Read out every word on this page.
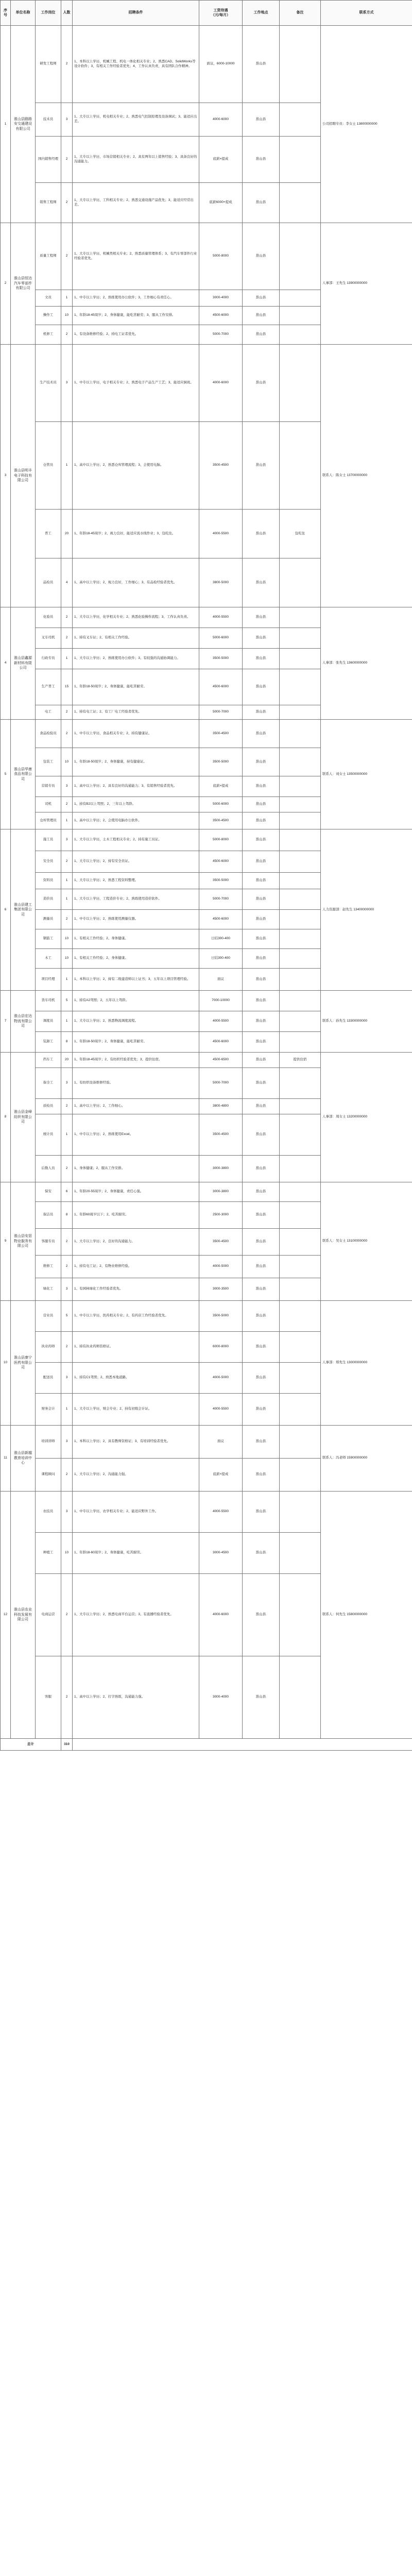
序号	单位名称	工作岗位	人数	招聘条件	工资待遇
（元/每月）	工作地点	备注	联系方式
1	淮山县路路安交通建设有限公司	研发工程师	2	1、本科以上学历，机械工程、机电一体化相关专业；2、熟悉CAD、SolidWorks等设计软件；3、有相关工作经验者优先；4、工作认真负责，具有团队合作精神。	面议，6000-10000	淮山县		公司招聘专员：李女士 13800000000
		技术员	3	1、大专以上学历，机电相关专业；2、熟悉电气控制原理及设备调试；3、能适应出差。	4000-6000	淮山县		
		国内销售经理	2	1、大专以上学历，市场营销相关专业；2、具有两年以上销售经验；3、具备良好的沟通能力。	底薪+提成	淮山县		
		销售工程师	2	1、大专以上学历，工科相关专业；2、熟悉交通设施产品优先；3、能适应经常出差。	底薪6000+提成	淮山县		
2	淮山县恒达汽车零部件有限公司	质量工程师	2	1、大专以上学历，机械类相关专业；2、熟悉质量管理体系；3、有汽车零部件行业经验者优先。	5000-8000	淮山县		人事部：王先生 13900000000
		文员	1	1、中专以上学历；2、熟练使用办公软件；3、工作细心有责任心。	3000-4000	淮山县		
		操作工	10	1、年龄18-45周岁；2、身体健康，能吃苦耐劳；3、服从工作安排。	4500-6000	淮山县		
		机修工	2	1、有设备维修经验；2、持电工证者优先。	5000-7000	淮山县		
3	淮山县明丰电子科技有限公司	生产技术员	3	1、中专以上学历，电子相关专业；2、熟悉电子产品生产工艺；3、能适应倒班。	4000-6000	淮山县		联系人：陈女士 13700000000
		仓管员	1	1、高中以上学历；2、熟悉仓库管理流程；3、会使用电脑。	3500-4500	淮山县		
		普工	20	1、年龄18-45周岁；2、视力良好，能适应流水线作业；3、包吃住。	4000-5500	淮山县	包吃住	
		品检员	4	1、高中以上学历；2、视力良好，工作细心；3、有品检经验者优先。	3800-5000	淮山县		
4	淮山县鑫源新材料有限公司	化验员	2	1、大专以上学历，化学相关专业；2、熟悉化验操作流程；3、工作认真负责。	4000-5500	淮山县		人事部：张先生 13600000000
		叉车司机	2	1、持有叉车证；2、有相关工作经验。	5000-6000	淮山县		
		行政专员	1	1、大专以上学历；2、熟练使用办公软件；3、有较强的沟通协调能力。	3500-5000	淮山县		
		生产普工	15	1、年龄18-50周岁；2、身体健康，能吃苦耐劳。	4500-6000	淮山县		
		电工	2	1、持有电工证；2、有工厂电工经验者优先。	5000-7000	淮山县		
5	淮山县华康食品有限公司	食品检验员	2	1、中专以上学历，食品相关专业；2、持有健康证。	3500-4500	淮山县		联系人：刘女士 13500000000
		包装工	10	1、年龄18-50周岁；2、身体健康，持有健康证。	3500-5000	淮山县		
		营销专员	3	1、高中以上学历；2、具有良好的沟通能力；3、有销售经验者优先。	底薪+提成	淮山县		
		司机	2	1、持有B2以上驾照；2、三年以上驾龄。	5000-6000	淮山县		
		仓库管理员	1	1、高中以上学历；2、会使用电脑办公软件。	3500-4500	淮山县		
6	淮山县建工集团有限公司	施工员	3	1、大专以上学历，土木工程相关专业；2、持有施工员证。	5000-8000	淮山县		人力资源部：赵先生 13400000000
		安全员	2	1、大专以上学历；2、持有安全员证。	4500-6000	淮山县		
		资料员	1	1、大专以上学历；2、熟悉工程资料整理。	3500-5000	淮山县		
		造价员	1	1、大专以上学历，工程造价专业；2、熟练使用造价软件。	5000-7000	淮山县		
		测量员	2	1、中专以上学历；2、熟练使用测量仪器。	4500-6000	淮山县		
		钢筋工	10	1、有相关工作经验；2、身体健康。	日结300-400	淮山县		
		木工	10	1、有相关工作经验；2、身体健康。	日结300-400	淮山县		
		项目经理	1	1、本科以上学历；2、持有二级建造师以上证书；3、五年以上项目管理经验。	面议	淮山县		
7	淮山县宏达物流有限公司	货车司机	5	1、持有A2驾照；2、五年以上驾龄。	7000-10000	淮山县		联系人：孙先生 13300000000
		调度员	1	1、大专以上学历；2、熟悉物流调度流程。	4000-5500	淮山县		
		装卸工	8	1、年龄18-50周岁；2、身体健康，能吃苦耐劳。	4500-6000	淮山县		
8	淮山县金峰纺织有限公司	挡车工	20	1、年龄18-45周岁；2、有纺织经验者优先；3、提供住宿。	4500-6500	淮山县	提供住宿	人事部：周女士 13200000000
		保全工	3	1、有纺织设备维修经验。	5000-7000	淮山县		
		质检员	2	1、高中以上学历；2、工作细心。	3800-4800	淮山县		
		统计员	1	1、中专以上学历；2、熟练使用Excel。	3500-4500	淮山县		
		后勤人员	2	1、身体健康；2、服从工作安排。	3000-3800	淮山县		
9	淮山县安居物业服务有限公司	保安	6	1、年龄20-55周岁；2、身体健康，责任心强。	3000-3800	淮山县		联系人：吴女士 13100000000
		保洁员	8	1、年龄60周岁以下；2、吃苦耐劳。	2500-3000	淮山县		
		客服专员	2	1、大专以上学历；2、良好的沟通能力。	3500-4500	淮山县		
		维修工	2	1、持有电工证；2、有物业维修经验。	4000-5000	淮山县		
		绿化工	3	1、有园林绿化工作经验者优先。	3000-3500	淮山县		
10	淮山县康宁医药有限公司	营业员	5	1、中专以上学历，医药相关专业；2、有药店工作经验者优先。	3500-5000	淮山县		人事部：郑先生 13000000000
		执业药师	2	1、持有执业药师资格证。	6000-8000	淮山县		
		配送员	3	1、持有C1驾照；2、熟悉本地道路。	4000-5000	淮山县		
		财务会计	1	1、大专以上学历，财会专业；2、持有初级会计证。	4000-5500	淮山县		
11	淮山县新越教育培训中心	培训讲师	3	1、本科以上学历；2、具有教师资格证；3、有培训经验者优先。	面议	淮山县		联系人：冯老师 15900000000
		课程顾问	2	1、大专以上学历；2、沟通能力强。	底薪+提成	淮山县		
12	淮山县农业科技发展有限公司	农技员	3	1、中专以上学历，农学相关专业；2、能适应野外工作。	4000-5500	淮山县		联系人：何先生 15800000000
		种植工	10	1、年龄18-60周岁；2、身体健康，吃苦耐劳。	3000-4500	淮山县		
		电商运营	2	1、大专以上学历；2、熟悉电商平台运营；3、有直播经验者优先。	4000-6000	淮山县		
		客服	2	1、高中以上学历；2、打字熟练，沟通能力强。	3000-4000	淮山县		
总计			310					
